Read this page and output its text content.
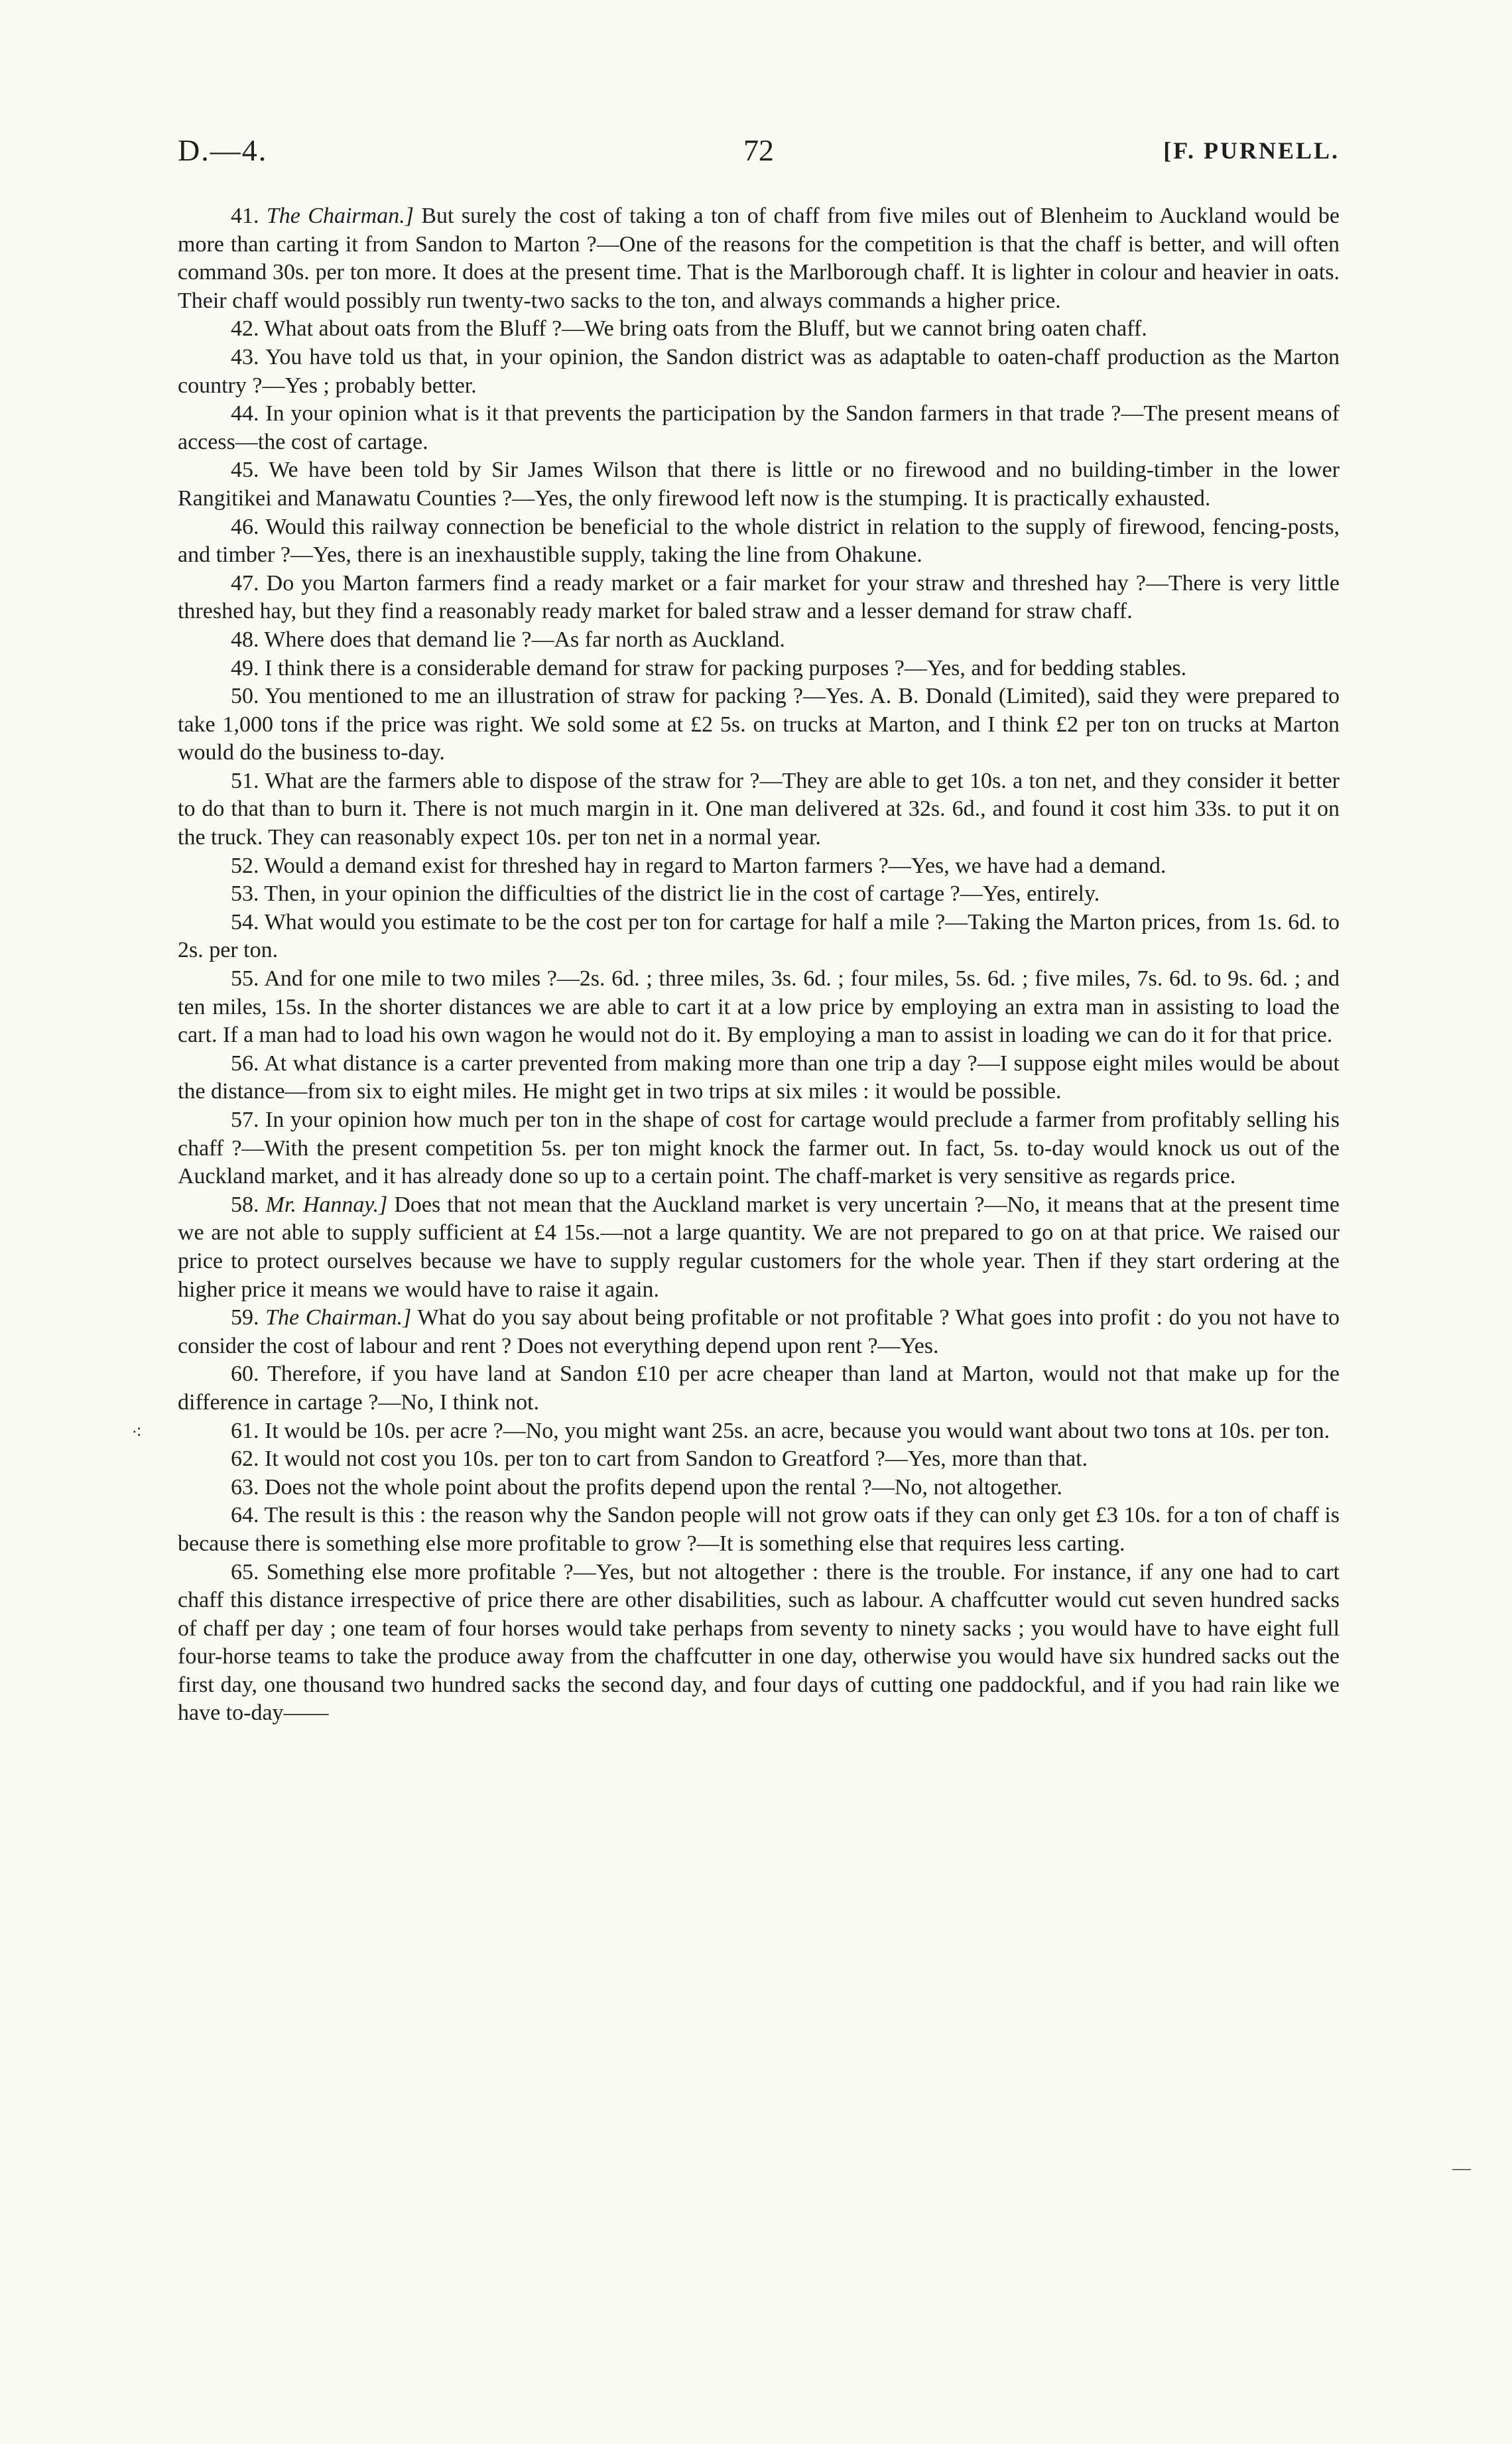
D.—4.	72	[F. PURNELL.
⁖
—

41. The Chairman.] But surely the cost of taking a ton of chaff from five miles out of Blenheim to Auckland would be more than carting it from Sandon to Marton ?—One of the reasons for the competition is that the chaff is better, and will often command 30s. per ton more. It does at the present time. That is the Marlborough chaff. It is lighter in colour and heavier in oats. Their chaff would possibly run twenty-two sacks to the ton, and always commands a higher price.

42. What about oats from the Bluff ?—We bring oats from the Bluff, but we cannot bring oaten chaff.

43. You have told us that, in your opinion, the Sandon district was as adaptable to oaten-chaff production as the Marton country ?—Yes ; probably better.

44. In your opinion what is it that prevents the participation by the Sandon farmers in that trade ?—The present means of access—the cost of cartage.

45. We have been told by Sir James Wilson that there is little or no firewood and no building-timber in the lower Rangitikei and Manawatu Counties ?—Yes, the only firewood left now is the stumping. It is practically exhausted.

46. Would this railway connection be beneficial to the whole district in relation to the supply of firewood, fencing-posts, and timber ?—Yes, there is an inexhaustible supply, taking the line from Ohakune.

47. Do you Marton farmers find a ready market or a fair market for your straw and threshed hay ?—There is very little threshed hay, but they find a reasonably ready market for baled straw and a lesser demand for straw chaff.

48. Where does that demand lie ?—As far north as Auckland.

49. I think there is a considerable demand for straw for packing purposes ?—Yes, and for bedding stables.

50. You mentioned to me an illustration of straw for packing ?—Yes. A. B. Donald (Limited), said they were prepared to take 1,000 tons if the price was right. We sold some at £2 5s. on trucks at Marton, and I think £2 per ton on trucks at Marton would do the business to-day.

51. What are the farmers able to dispose of the straw for ?—They are able to get 10s. a ton net, and they consider it better to do that than to burn it. There is not much margin in it. One man delivered at 32s. 6d., and found it cost him 33s. to put it on the truck. They can reasonably expect 10s. per ton net in a normal year.

52. Would a demand exist for threshed hay in regard to Marton farmers ?—Yes, we have had a demand.

53. Then, in your opinion the difficulties of the district lie in the cost of cartage ?—Yes, entirely.

54. What would you estimate to be the cost per ton for cartage for half a mile ?—Taking the Marton prices, from 1s. 6d. to 2s. per ton.

55. And for one mile to two miles ?—2s. 6d. ; three miles, 3s. 6d. ; four miles, 5s. 6d. ; five miles, 7s. 6d. to 9s. 6d. ; and ten miles, 15s. In the shorter distances we are able to cart it at a low price by employing an extra man in assisting to load the cart. If a man had to load his own wagon he would not do it. By employing a man to assist in loading we can do it for that price.

56. At what distance is a carter prevented from making more than one trip a day ?—I suppose eight miles would be about the distance—from six to eight miles. He might get in two trips at six miles : it would be possible.

57. In your opinion how much per ton in the shape of cost for cartage would preclude a farmer from profitably selling his chaff ?—With the present competition 5s. per ton might knock the farmer out. In fact, 5s. to-day would knock us out of the Auckland market, and it has already done so up to a certain point. The chaff-market is very sensitive as regards price.

58. Mr. Hannay.] Does that not mean that the Auckland market is very uncertain ?—No, it means that at the present time we are not able to supply sufficient at £4 15s.—not a large quantity. We are not prepared to go on at that price. We raised our price to protect ourselves because we have to supply regular customers for the whole year. Then if they start ordering at the higher price it means we would have to raise it again.

59. The Chairman.] What do you say about being profitable or not profitable ? What goes into profit : do you not have to consider the cost of labour and rent ? Does not everything depend upon rent ?—Yes.

60. Therefore, if you have land at Sandon £10 per acre cheaper than land at Marton, would not that make up for the difference in cartage ?—No, I think not.

61. It would be 10s. per acre ?—No, you might want 25s. an acre, because you would want about two tons at 10s. per ton.

62. It would not cost you 10s. per ton to cart from Sandon to Greatford ?—Yes, more than that.

63. Does not the whole point about the profits depend upon the rental ?—No, not altogether.

64. The result is this : the reason why the Sandon people will not grow oats if they can only get £3 10s. for a ton of chaff is because there is something else more profitable to grow ?—It is something else that requires less carting.

65. Something else more profitable ?—Yes, but not altogether : there is the trouble. For instance, if any one had to cart chaff this distance irrespective of price there are other disabilities, such as labour. A chaffcutter would cut seven hundred sacks of chaff per day ; one team of four horses would take perhaps from seventy to ninety sacks ; you would have to have eight full four-horse teams to take the produce away from the chaffcutter in one day, otherwise you would have six hundred sacks out the first day, one thousand two hundred sacks the second day, and four days of cutting one paddockful, and if you had rain like we have to-day——
